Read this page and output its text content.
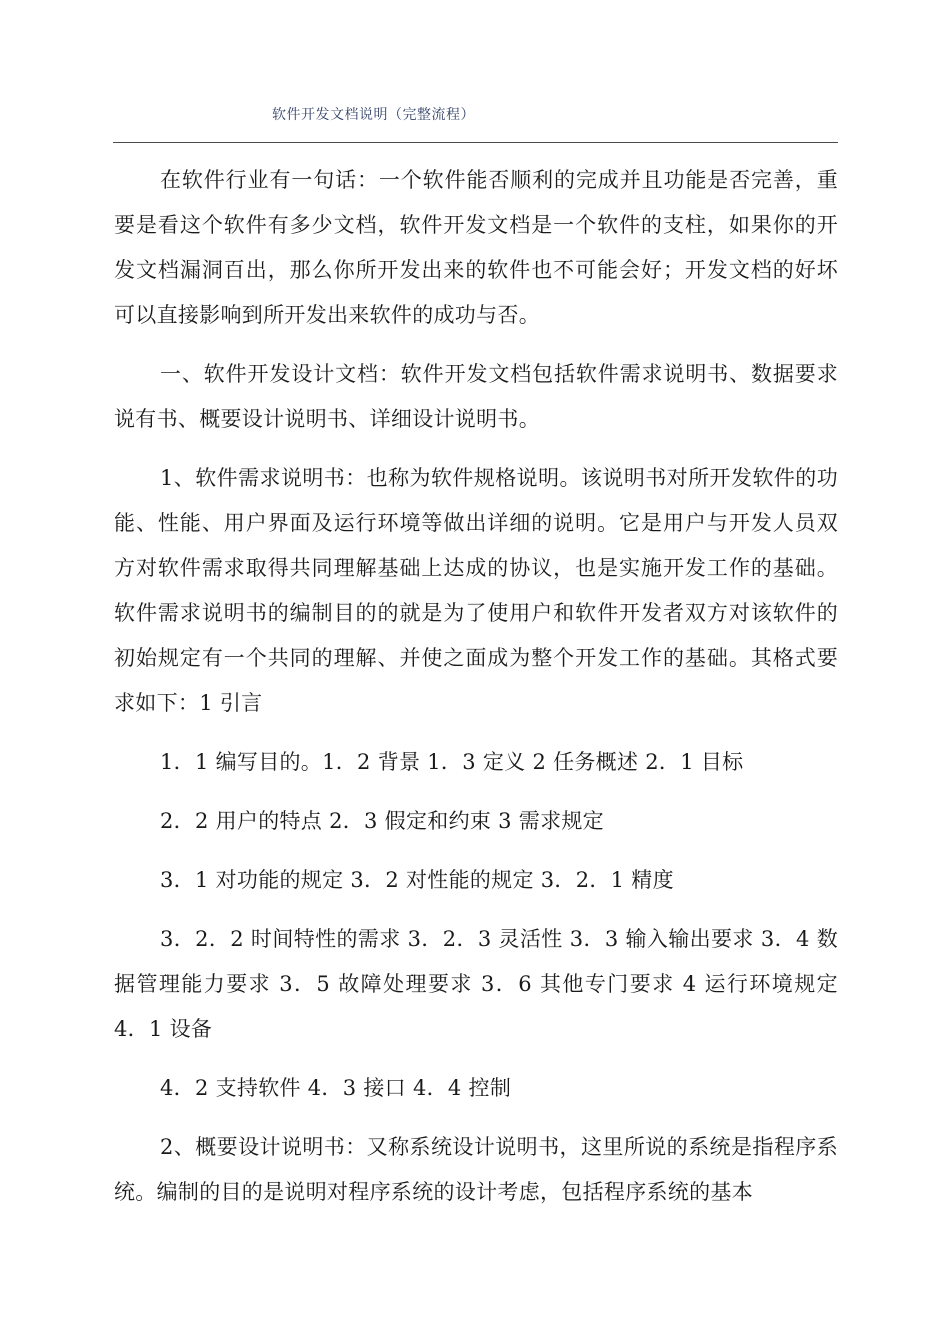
软件开发文档说明（完整流程）

在软件行业有一句话：一个软件能否顺利的完成并且功能是否完善，重要是看这个软件有多少文档，软件开发文档是一个软件的支柱，如果你的开发文档漏洞百出，那么你所开发出来的软件也不可能会好；开发文档的好坏可以直接影响到所开发出来软件的成功与否。

一、软件开发设计文档：软件开发文档包括软件需求说明书、数据要求说有书、概要设计说明书、详细设计说明书。

1、软件需求说明书：也称为软件规格说明。该说明书对所开发软件的功能、性能、用户界面及运行环境等做出详细的说明。它是用户与开发人员双方对软件需求取得共同理解基础上达成的协议，也是实施开发工作的基础。软件需求说明书的编制目的的就是为了使用户和软件开发者双方对该软件的初始规定有一个共同的理解、并使之面成为整个开发工作的基础。其格式要求如下：1 引言

1．1 编写目的。1．2 背景 1．3 定义 2 任务概述 2．1 目标

2．2 用户的特点 2．3 假定和约束 3 需求规定

3．1 对功能的规定 3．2 对性能的规定 3．2．1 精度

3．2．2 时间特性的需求 3．2．3 灵活性 3．3 输入输出要求 3．4 数据管理能力要求 3．5 故障处理要求 3．6 其他专门要求 4 运行环境规定 4．1 设备

4．2 支持软件 4．3 接口 4．4 控制

2、概要设计说明书：又称系统设计说明书，这里所说的系统是指程序系统。编制的目的是说明对程序系统的设计考虑，包括程序系统的基本
